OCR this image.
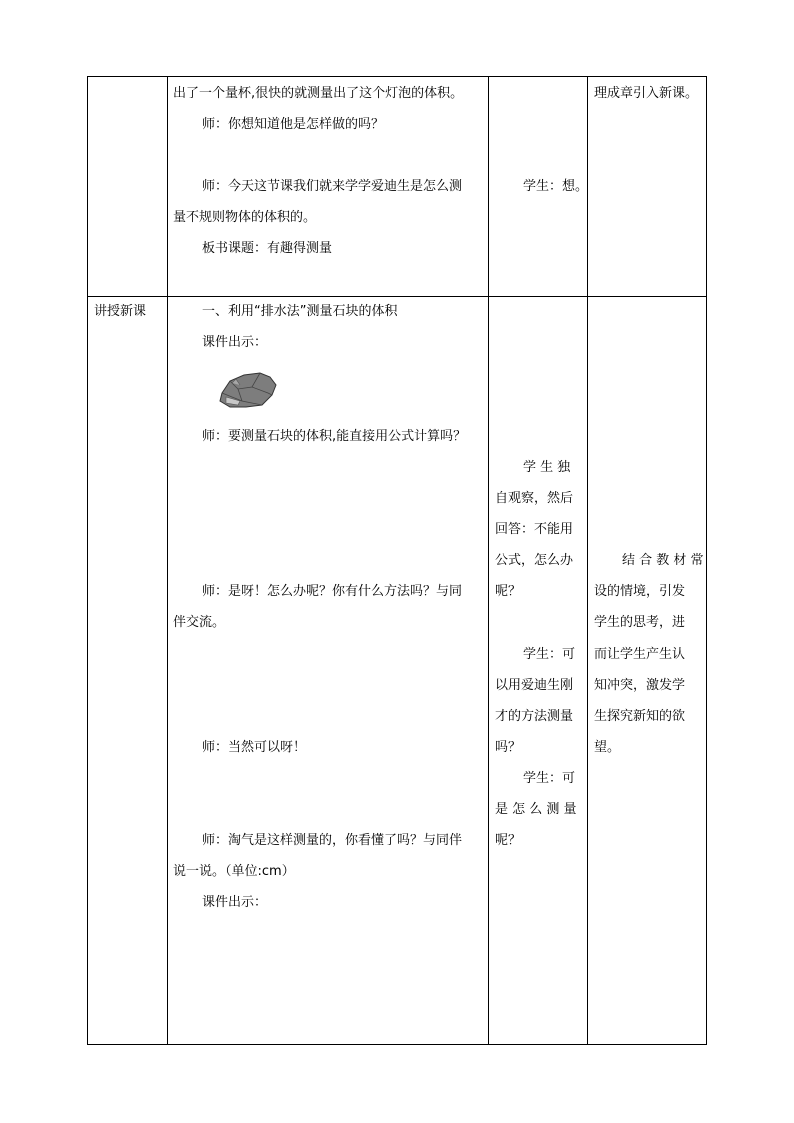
出了一个量杯,很快的就测量出了这个灯泡的体积。
师：你想知道他是怎样做的吗？
师：今天这节课我们就来学学爱迪生是怎么测
量不规则物体的体积的。
板书课题：有趣得测量
学生：想。
理成章引入新课。
讲授新课	一、利用“排水法”测量石块的体积
课件出示：
师：要测量石块的体积,能直接用公式计算吗？
师：是呀！怎么办呢？你有什么方法吗？与同
伴交流。
师：当然可以呀！
师：淘气是这样测量的，你看懂了吗？与同伴
说一说。（单位:cm）
课件出示：
学 生 独
自观察，然后
回答：不能用
公式，怎么办
呢？
学生：可
以用爱迪生刚
才的方法测量
吗？
学生：可
是 怎 么 测 量
呢？
结 合 教 材 常
设的情境，引发
学生的思考，进
而让学生产生认
知冲突，激发学
生探究新知的欲
望。
